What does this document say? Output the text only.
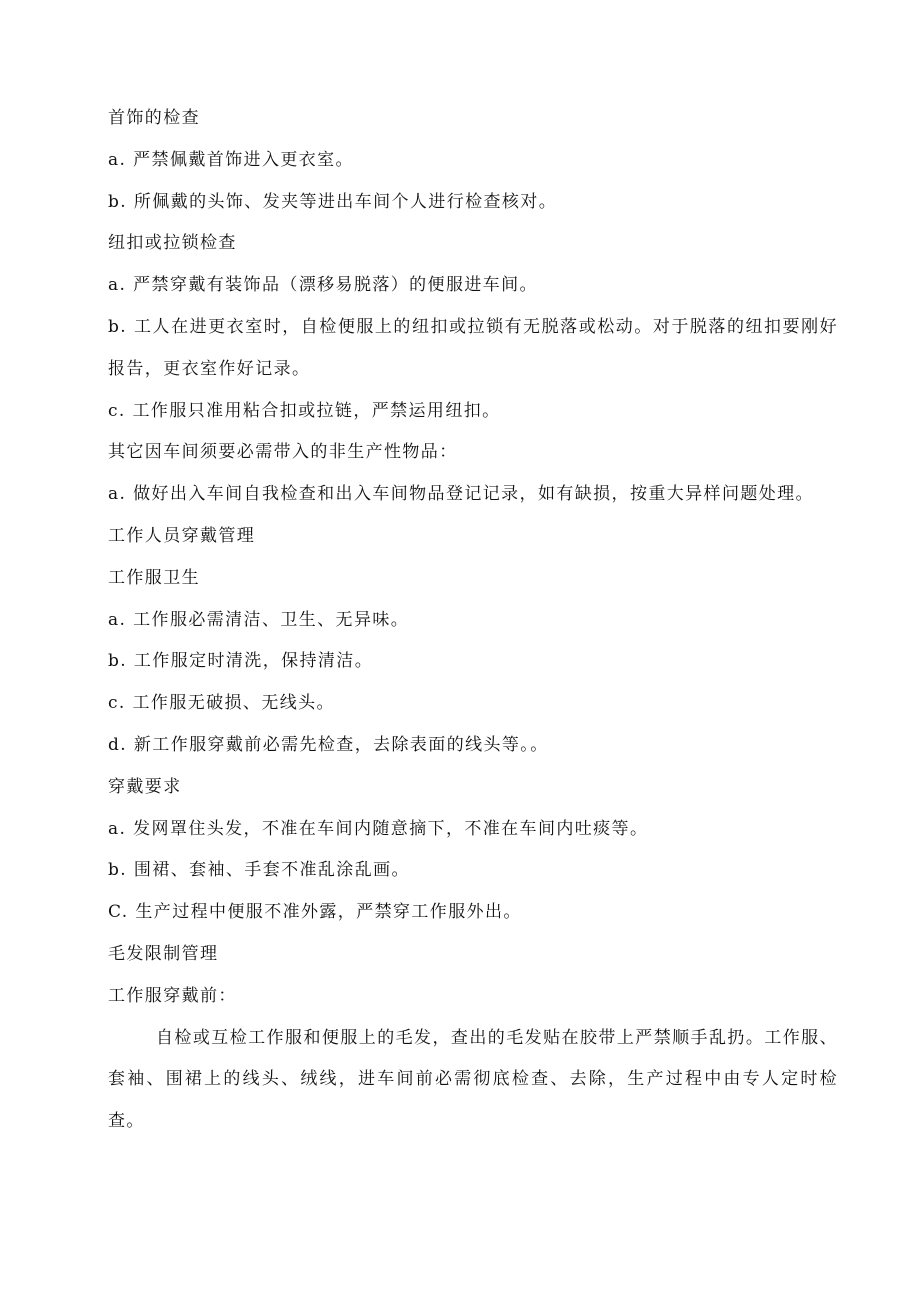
首饰的检查

a. 严禁佩戴首饰进入更衣室。

b. 所佩戴的头饰、发夹等进出车间个人进行检查核对。

纽扣或拉锁检查

a. 严禁穿戴有装饰品（漂移易脱落）的便服进车间。

b. 工人在进更衣室时，自检便服上的纽扣或拉锁有无脱落或松动。对于脱落的纽扣要刚好报告，更衣室作好记录。

c. 工作服只准用粘合扣或拉链，严禁运用纽扣。

其它因车间须要必需带入的非生产性物品：

a. 做好出入车间自我检查和出入车间物品登记记录，如有缺损，按重大异样问题处理。

工作人员穿戴管理

工作服卫生

a. 工作服必需清洁、卫生、无异味。

b. 工作服定时清洗，保持清洁。

c. 工作服无破损、无线头。

d. 新工作服穿戴前必需先检查，去除表面的线头等。。

穿戴要求

a. 发网罩住头发，不准在车间内随意摘下，不准在车间内吐痰等。

b. 围裙、套袖、手套不准乱涂乱画。

C. 生产过程中便服不准外露，严禁穿工作服外出。

毛发限制管理

工作服穿戴前：

自检或互检工作服和便服上的毛发，查出的毛发贴在胶带上严禁顺手乱扔。工作服、套袖、围裙上的线头、绒线，进车间前必需彻底检查、去除，生产过程中由专人定时检查。
